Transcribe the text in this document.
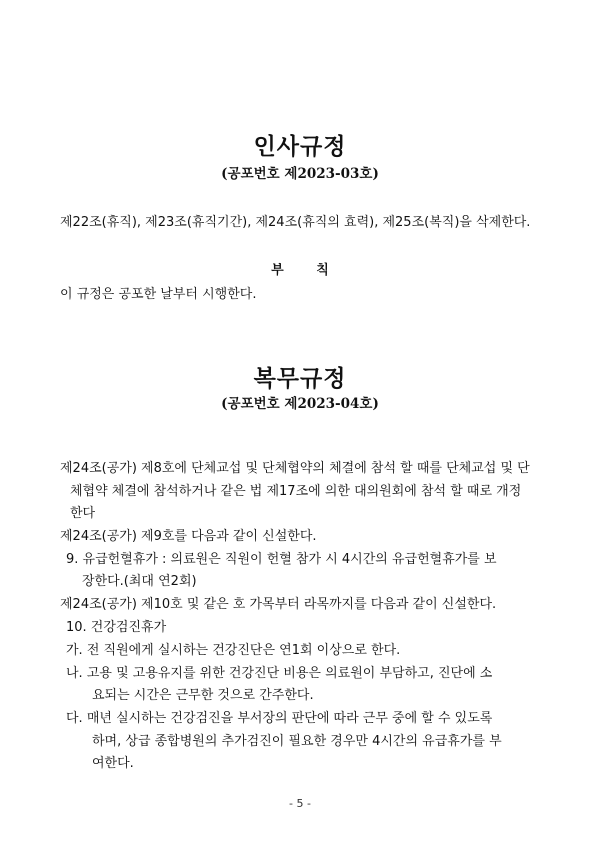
인사규정
(공포번호 제2023-03호)
제22조(휴직), 제23조(휴직기간), 제24조(휴직의 효력), 제25조(복직)을 삭제한다.
부 칙
이 규정은 공포한 날부터 시행한다.
복무규정
(공포번호 제2023-04호)
제24조(공가) 제8호에 단체교섭 및 단체협약의 체결에 참석 할 때를 단체교섭 및 단
체협약 체결에 참석하거나 같은 법 제17조에 의한 대의원회에 참석 할 때로 개정
한다
제24조(공가) 제9호를 다음과 같이 신설한다.
9. 유급헌혈휴가 : 의료원은 직원이 헌혈 참가 시 4시간의 유급헌혈휴가를 보
장한다.(최대 연2회)
제24조(공가) 제10호 및 같은 호 가목부터 라목까지를 다음과 같이 신설한다.
10. 건강검진휴가
가. 전 직원에게 실시하는 건강진단은 연1회 이상으로 한다.
나. 고용 및 고용유지를 위한 건강진단 비용은 의료원이 부담하고, 진단에 소
요되는 시간은 근무한 것으로 간주한다.
다. 매년 실시하는 건강검진을 부서장의 판단에 따라 근무 중에 할 수 있도록
하며, 상급 종합병원의 추가검진이 필요한 경우만 4시간의 유급휴가를 부
여한다.
- 5 -
